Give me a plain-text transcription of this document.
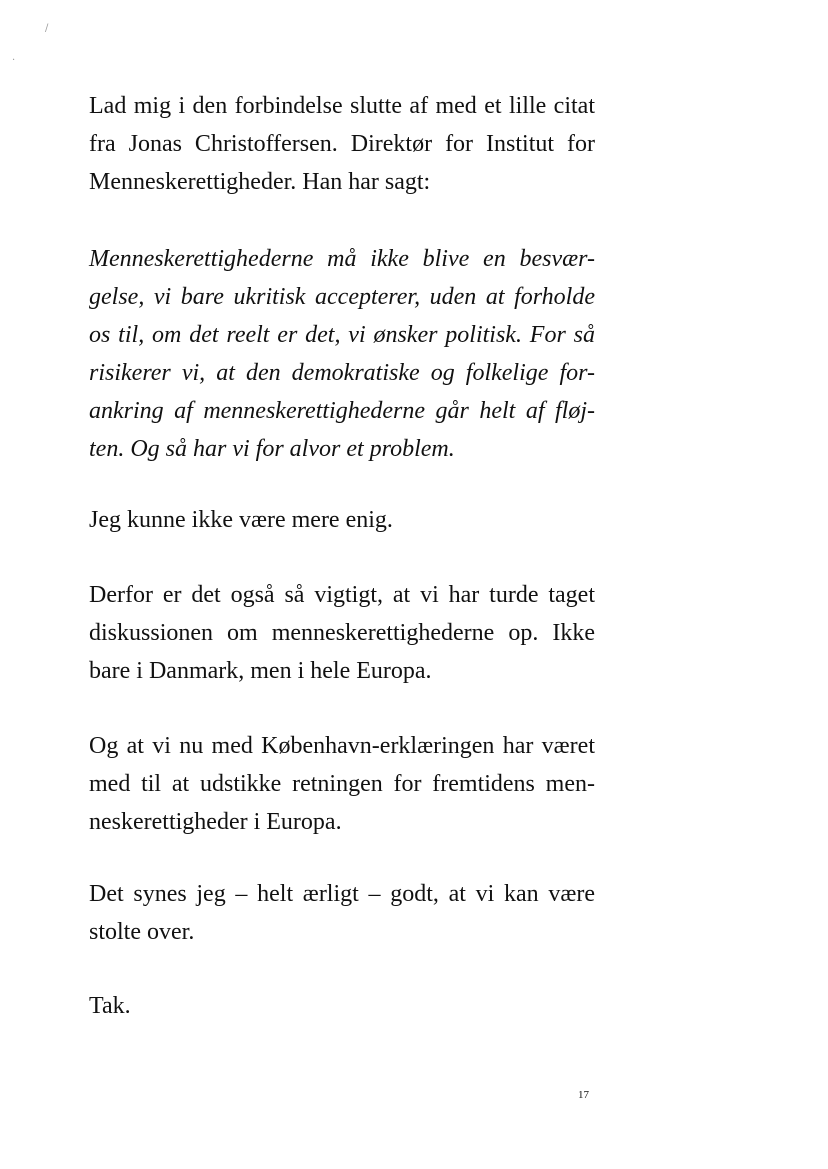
/
·

Lad mig i den forbindelse slutte af med et lille citat
fra Jonas Christoffersen. Direktør for Institut for
Menneskerettigheder. Han har sagt:

Menneskerettighederne må ikke blive en besvær-
gelse, vi bare ukritisk accepterer, uden at forholde
os til, om det reelt er det, vi ønsker politisk. For så
risikerer vi, at den demokratiske og folkelige for-
ankring af menneskerettighederne går helt af fløj-
ten. Og så har vi for alvor et problem.

Jeg kunne ikke være mere enig.

Derfor er det også så vigtigt, at vi har turde taget
diskussionen om menneskerettighederne op. Ikke
bare i Danmark, men i hele Europa.

Og at vi nu med København-erklæringen har været
med til at udstikke retningen for fremtidens men-
neskerettigheder i Europa.

Det synes jeg – helt ærligt – godt, at vi kan være
stolte over.

Tak.

17
